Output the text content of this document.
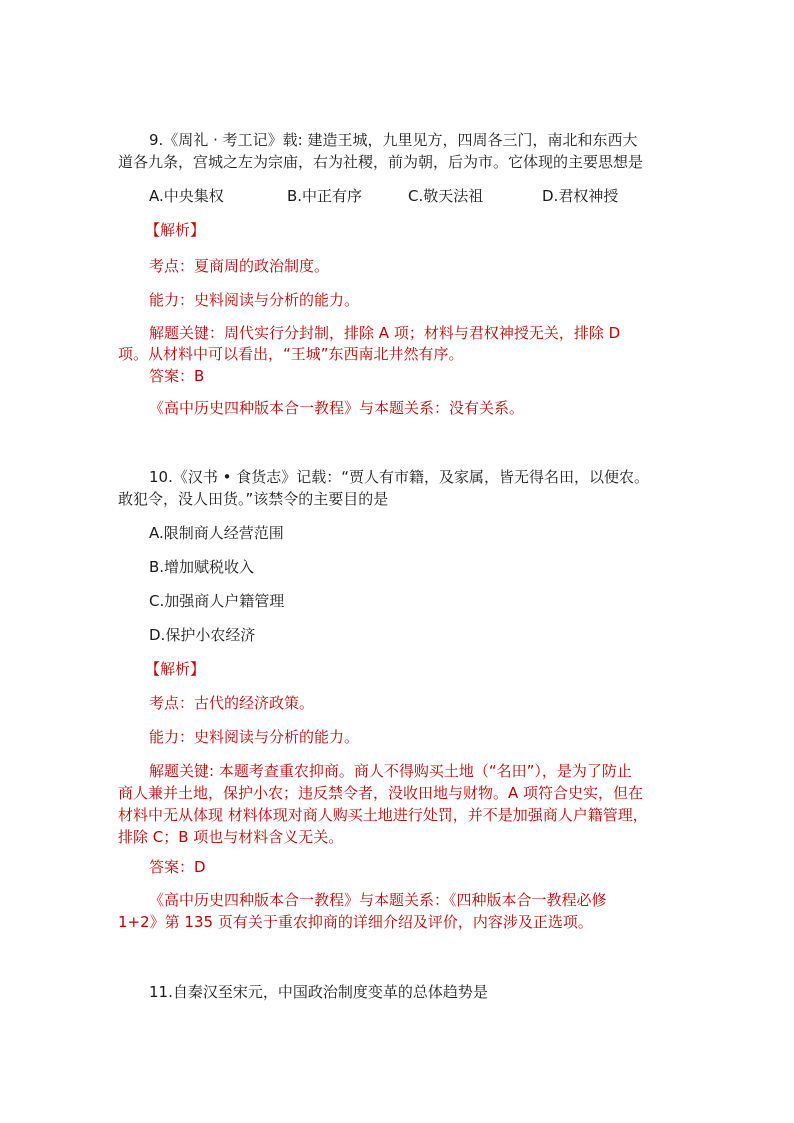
9.《周礼 · 考工记》载: 建造王城，九里见方，四周各三门，南北和东西大
道各九条，宫城之左为宗庙，右为社稷，前为朝，后为市。它体现的主要思想是
A.中央集权	B.中正有序	C.敬天法祖	D.君权神授
【解析】
考点：夏商周的政治制度。
能力：史料阅读与分析的能力。
解题关键：周代实行分封制，排除 A 项；材料与君权神授无关，排除 D
项。从材料中可以看出，“王城”东西南北井然有序。
答案：B
《高中历史四种版本合一教程》与本题关系：没有关系。
10.《汉书 • 食货志》记载：“贾人有市籍，及家属，皆无得名田，以便农。
敢犯令，没人田货。”该禁令的主要目的是
A.限制商人经营范围
B.增加赋税收入
C.加强商人户籍管理
D.保护小农经济
【解析】
考点：古代的经济政策。
能力：史料阅读与分析的能力。
解题关键: 本题考查重农抑商。商人不得购买土地（“名田”），是为了防止
商人兼并土地，保护小农；违反禁令者，没收田地与财物。A 项符合史实，但在
材料中无从体现 材料体现对商人购买土地进行处罚，并不是加强商人户籍管理，
排除 C；B 项也与材料含义无关。
答案：D
《高中历史四种版本合一教程》与本题关系：《四种版本合一教程必修
1+2》第 135 页有关于重农抑商的详细介绍及评价，内容涉及正选项。
11.自秦汉至宋元，中国政治制度变革的总体趋势是
